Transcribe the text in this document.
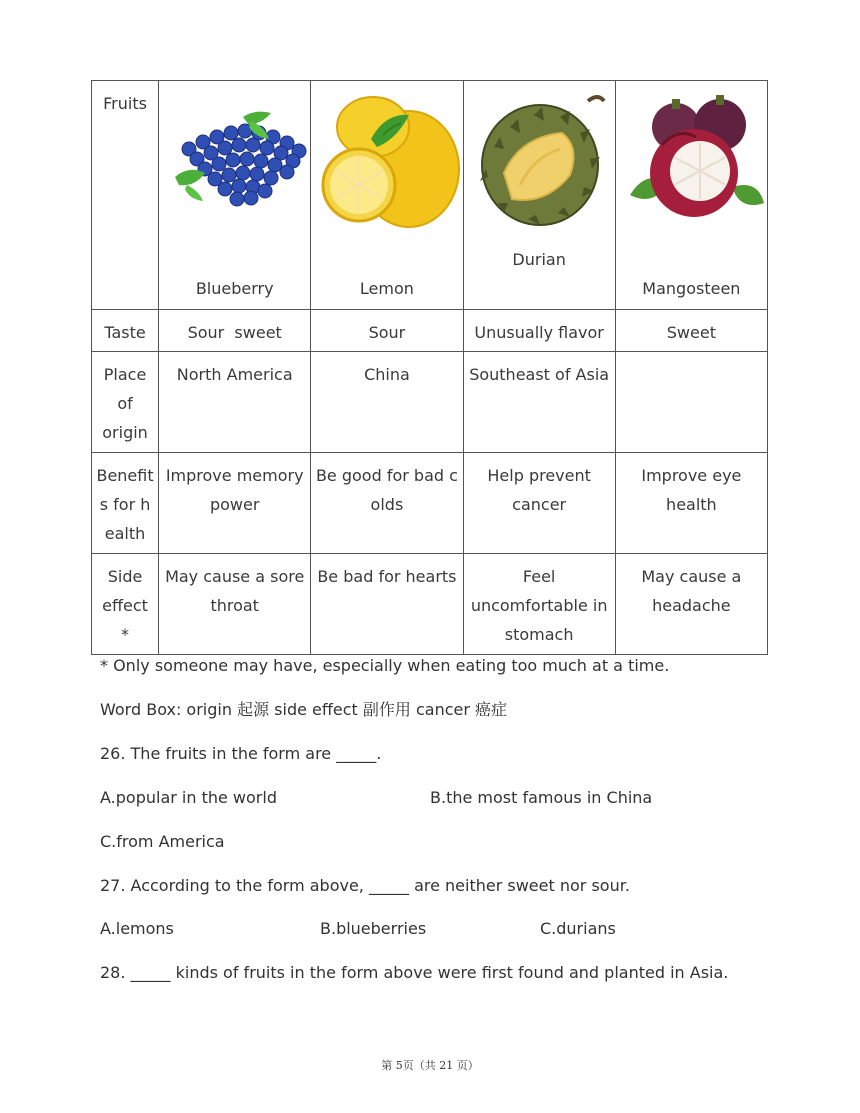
Fruits	Blueberry	Lemon	Durian	Mangosteen

Taste	Sour  sweet	Sour	Unusually flavor	Sweet
Place of origin	North America	China	Southeast of Asia	
Benefits for health	Improve memory power	Be good for bad colds	Help prevent cancer	Improve eye health
Side effect *	May cause a sore throat	Be bad for hearts	Feel uncomfortable in stomach	May cause a headache
* Only someone may have, especially when eating too much at a time.
Word Box: origin 起源 side effect 副作用 cancer 癌症
26. The fruits in the form are _____.
A.popular in the world	B.the most famous in China
C.from America
27. According to the form above, _____ are neither sweet nor sour.
A.lemons	B.blueberries	C.durians
28. _____ kinds of fruits in the form above were first found and planted in Asia.
第 5页（共 21 页）
